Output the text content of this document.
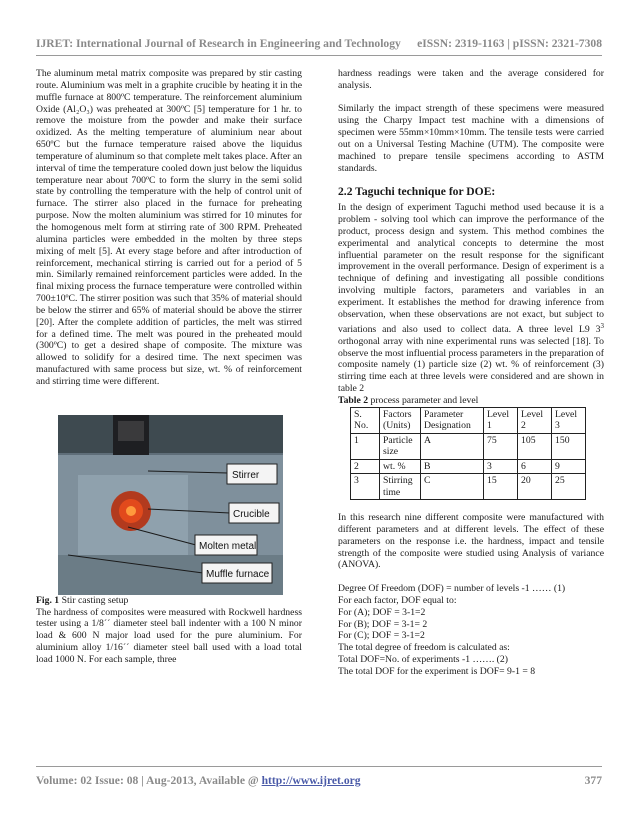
IJRET: International Journal of Research in Engineering and Technology eISSN: 2319-1163 | pISSN: 2321-7308

The aluminum metal matrix composite was prepared by stir casting route. Aluminium was melt in a graphite crucible by heating it in the muffle furnace at 800ºC temperature. The reinforcement aluminium Oxide (Al₂O₃) was preheated at 300ºC [5] temperature for 1 hr. to remove the moisture from the powder and make their surface oxidized. As the melting temperature of aluminium near about 650ºC but the furnace temperature raised above the liquidus temperature of aluminum so that complete melt takes place. After an interval of time the temperature cooled down just below the liquidus temperature near about 700ºC to form the slurry in the semi solid state by controlling the temperature with the help of control unit of furnace. The stirrer also placed in the furnace for preheating purpose. Now the molten aluminium was stirred for 10 minutes for the homogenous melt form at stirring rate of 300 RPM. Preheated alumina particles were embedded in the molten by three steps mixing of melt [5]. At every stage before and after introduction of reinforcement, mechanical stirring is carried out for a period of 5 min. Similarly remained reinforcement particles were added. In the final mixing process the furnace temperature were controlled within 700±10ºC. The stirrer position was such that 35% of material should be below the stirrer and 65% of material should be above the stirrer [20]. After the complete addition of particles, the melt was stirred for a defined time. The melt was poured in the preheated mould (300ºC) to get a desired shape of composite. The mixture was allowed to solidify for a desired time. The next specimen was manufactured with same process but size, wt. % of reinforcement and stirring time were different.

Stirrer
Crucible
Molten metal
Muffle furnace

Fig. 1 Stir casting setup

The hardness of composites were measured with Rockwell hardness tester using a 1/8´´ diameter steel ball indenter with a 100 N minor load & 600 N major load used for the pure aluminium. For aluminium alloy 1/16´´ diameter steel ball used with a load total load 1000 N. For each sample, three

hardness readings were taken and the average considered for analysis.

Similarly the impact strength of these specimens were measured using the Charpy Impact test machine with a dimensions of specimen were 55mm×10mm×10mm. The tensile tests were carried out on a Universal Testing Machine (UTM). The composite were machined to prepare tensile specimens according to ASTM standards.

2.2 Taguchi technique for DOE:

In the design of experiment Taguchi method used because it is a problem - solving tool which can improve the performance of the product, process design and system. This method combines the experimental and analytical concepts to determine the most influential parameter on the result response for the significant improvement in the overall performance. Design of experiment is a technique of defining and investigating all possible conditions involving multiple factors, parameters and variables in an experiment. It establishes the method for drawing inference from observation, when these observations are not exact, but subject to variations and also used to collect data. A three level L9 $3^3$ orthogonal array with nine experimental runs was selected [18]. To observe the most influential process parameters in the preparation of composite namely (1) particle size (2) wt. % of reinforcement (3) stirring time each at three levels were considered and are shown in table 2

Table 2 process parameter and level

S. No.	Factors (Units)	Parameter Designation	Level 1	Level 2	Level 3
1	Particle size	A	75	105	150
2	wt. %	B	3	6	9
3	Stirring time	C	15	20	25

In this research nine different composite were manufactured with different parameters and at different levels. The effect of these parameters on the response i.e. the hardness, impact and tensile strength of the composite were studied using Analysis of variance (ANOVA).

Degree Of Freedom (DOF) = number of levels -1 …… (1)
For each factor, DOF equal to:
For (A); DOF = 3-1=2
For (B); DOF = 3-1= 2
For (C); DOF = 3-1=2
The total degree of freedom is calculated as:
Total DOF=No. of experiments -1 ……. (2)
The total DOF for the experiment is DOF= 9-1 = 8
Volume: 02 Issue: 08 | Aug-2013, Available @ http://www.ijret.org	377
